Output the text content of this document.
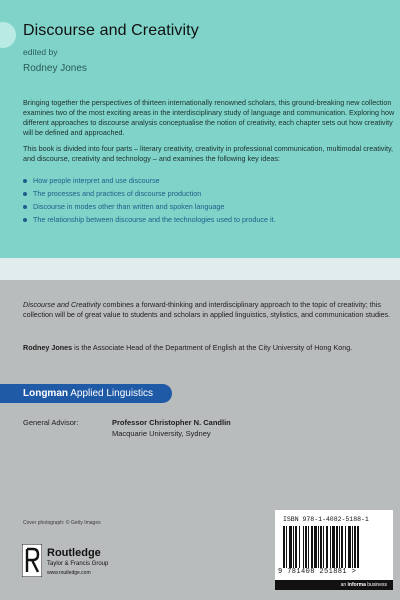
Discourse and Creativity
edited by
Rodney Jones

Bringing together the perspectives of thirteen internationally renowned scholars, this ground-breaking new collection examines two of the most exciting areas in the interdisciplinary study of language and communication. Exploring how different approaches to discourse analysis conceptualise the notion of creativity, each chapter sets out how creativity will be defined and approached.

This book is divided into four parts – literary creativity, creativity in professional communication, multimodal creativity, and discourse, creativity and technology – and examines the following key ideas:

How people interpret and use discourse
The processes and practices of discourse production
Discourse in modes other than written and spoken language
The relationship between discourse and the technologies used to produce it.

Discourse and Creativity combines a forward-thinking and interdisciplinary approach to the topic of creativity; this collection will be of great value to students and scholars in applied linguistics, stylistics, and communication studies.

Rodney Jones is the Associate Head of the Department of English at the City University of Hong Kong.

Longman Applied Linguistics
General Advisor:	Professor Christopher N. Candlin
Macquarie University, Sydney
Cover photograph: © Getty Images
Routledge
Taylor & Francis Group
www.routledge.com
ISBN 978-1-4082-5188-1
9 781408 251881 >
an informa business
